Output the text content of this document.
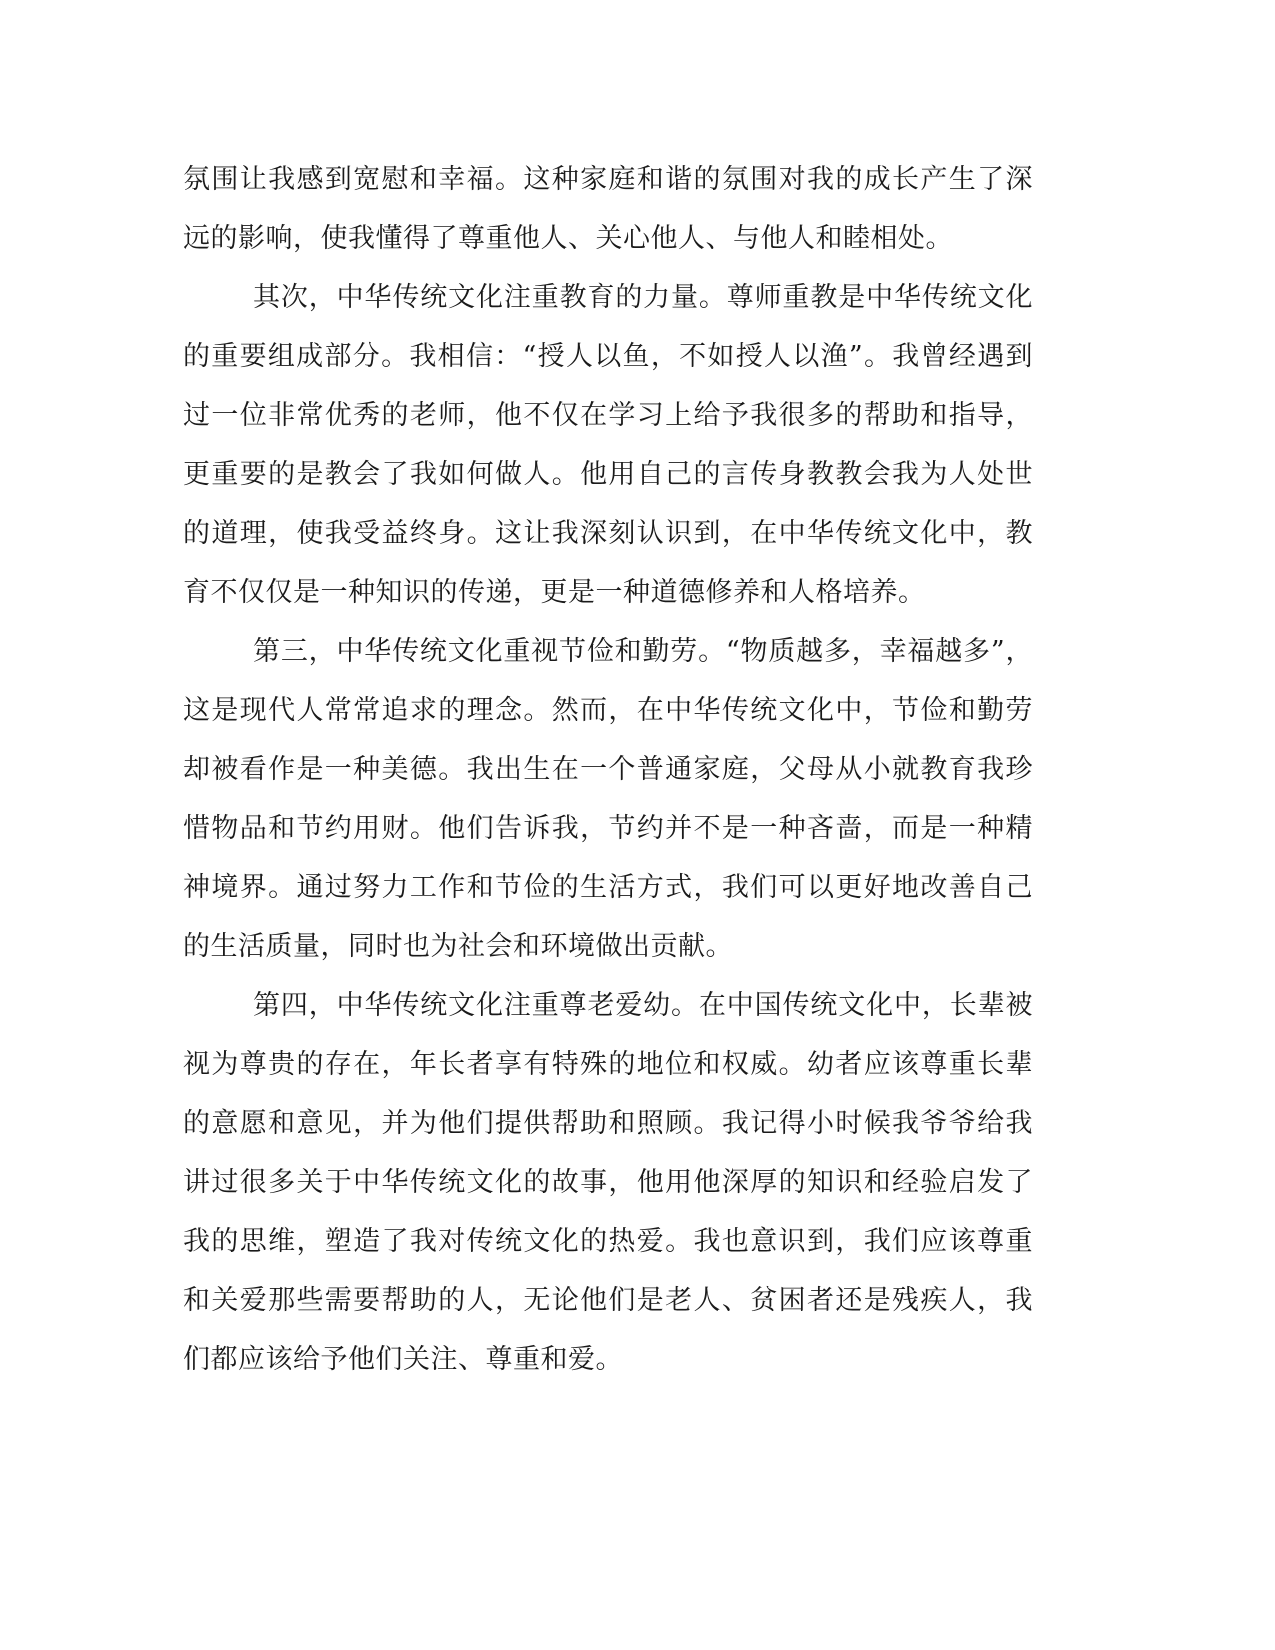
氛围让我感到宽慰和幸福。这种家庭和谐的氛围对我的成长产生了深
远的影响，使我懂得了尊重他人、关心他人、与他人和睦相处。
其次，中华传统文化注重教育的力量。尊师重教是中华传统文化
的重要组成部分。我相信：“授人以鱼，不如授人以渔”。我曾经遇到
过一位非常优秀的老师，他不仅在学习上给予我很多的帮助和指导，
更重要的是教会了我如何做人。他用自己的言传身教教会我为人处世
的道理，使我受益终身。这让我深刻认识到，在中华传统文化中，教
育不仅仅是一种知识的传递，更是一种道德修养和人格培养。
第三，中华传统文化重视节俭和勤劳。“物质越多，幸福越多”，
这是现代人常常追求的理念。然而，在中华传统文化中，节俭和勤劳
却被看作是一种美德。我出生在一个普通家庭，父母从小就教育我珍
惜物品和节约用财。他们告诉我，节约并不是一种吝啬，而是一种精
神境界。通过努力工作和节俭的生活方式，我们可以更好地改善自己
的生活质量，同时也为社会和环境做出贡献。
第四，中华传统文化注重尊老爱幼。在中国传统文化中，长辈被
视为尊贵的存在，年长者享有特殊的地位和权威。幼者应该尊重长辈
的意愿和意见，并为他们提供帮助和照顾。我记得小时候我爷爷给我
讲过很多关于中华传统文化的故事，他用他深厚的知识和经验启发了
我的思维，塑造了我对传统文化的热爱。我也意识到，我们应该尊重
和关爱那些需要帮助的人，无论他们是老人、贫困者还是残疾人，我
们都应该给予他们关注、尊重和爱。
